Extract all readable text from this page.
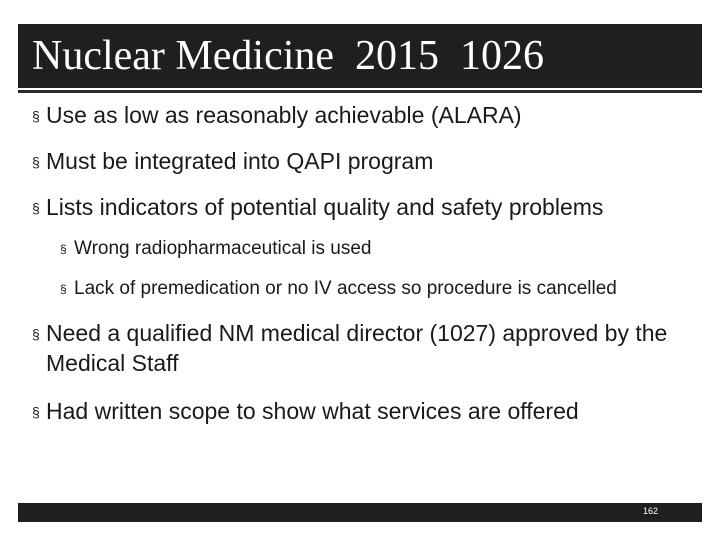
Nuclear Medicine  2015  1026
§ Use as low as reasonably achievable (ALARA)
§ Must be integrated into QAPI program
§ Lists indicators of potential quality and safety problems
§ Wrong radiopharmaceutical is used
§ Lack of premedication or no IV access so procedure is cancelled
§ Need a qualified NM medical director (1027) approved by the Medical Staff
§ Had written scope to show what services are offered
162
